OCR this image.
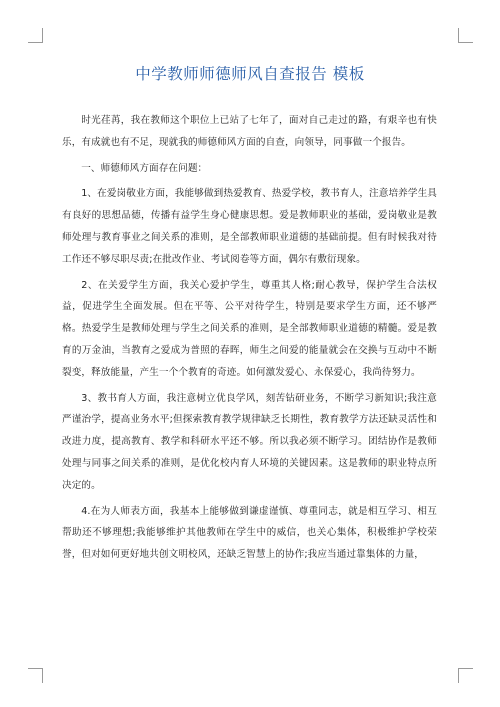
中学教师师德师风自查报告 模板

时光荏苒，我在教师这个职位上已站了七年了，面对自己走过的路，有艰辛也有快乐，有成就也有不足，现就我的师德师风方面的自查，向领导，同事做一个报告。

一、师德师风方面存在问题：

1、在爱岗敬业方面，我能够做到热爱教育、热爱学校，教书育人，注意培养学生具有良好的思想品德，传播有益学生身心健康思想。爱是教师职业的基础，爱岗敬业是教师处理与教育事业之间关系的准则，是全部教师职业道德的基础前提。但有时候我对待工作还不够尽职尽责;在批改作业、考试阅卷等方面，偶尔有敷衍现象。

2、在关爱学生方面，我关心爱护学生，尊重其人格;耐心教导，保护学生合法权益，促进学生全面发展。但在平等、公平对待学生，特别是要求学生方面，还不够严格。热爱学生是教师处理与学生之间关系的准则，是全部教师职业道德的精髓。爱是教育的万金油，当教育之爱成为普照的春晖，师生之间爱的能量就会在交换与互动中不断裂变，释放能量，产生一个个教育的奇迹。如何激发爱心、永保爱心，我尚待努力。

3、教书育人方面，我注意树立优良学风，刻苦钻研业务，不断学习新知识;我注意严谨治学，提高业务水平;但探索教育教学规律缺乏长期性，教育教学方法还缺灵活性和改进力度，提高教育、教学和科研水平还不够。所以我必须不断学习。团结协作是教师处理与同事之间关系的准则，是优化校内育人环境的关键因素。这是教师的职业特点所决定的。

4.在为人师表方面，我基本上能够做到谦虚谨慎、尊重同志，就是相互学习、相互帮助还不够理想;我能够维护其他教师在学生中的威信，也关心集体，积极维护学校荣誉，但对如何更好地共创文明校风，还缺乏智慧上的协作;我应当通过靠集体的力量，
